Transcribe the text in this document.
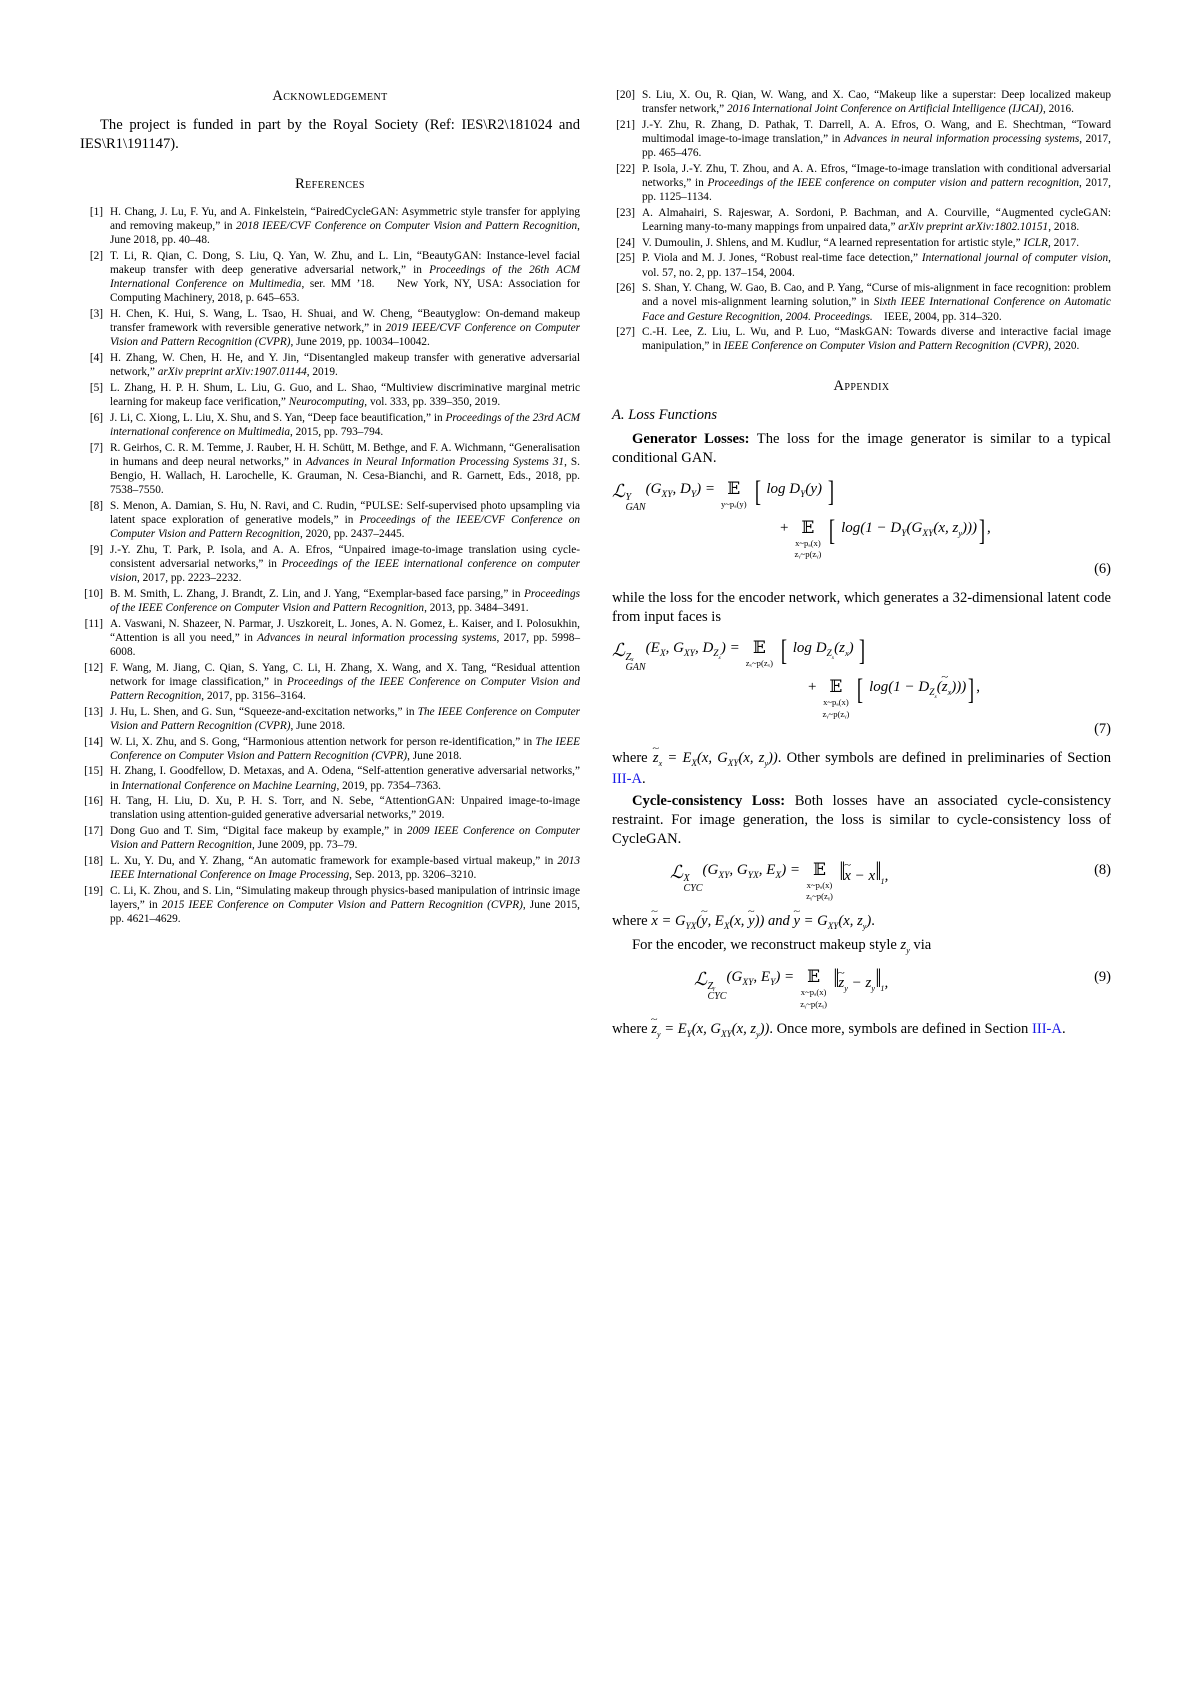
Acknowledgement

The project is funded in part by the Royal Society (Ref: IES\R2\181024 and IES\R1\191147).

References
[1] H. Chang, J. Lu, F. Yu, and A. Finkelstein, “PairedCycleGAN: Asymmetric style transfer for applying and removing makeup,” in 2018 IEEE/CVF Conference on Computer Vision and Pattern Recognition, June 2018, pp. 40–48.
[2] T. Li, R. Qian, C. Dong, S. Liu, Q. Yan, W. Zhu, and L. Lin, “BeautyGAN: Instance-level facial makeup transfer with deep generative adversarial network,” in Proceedings of the 26th ACM International Conference on Multimedia, ser. MM ’18.    New York, NY, USA: Association for Computing Machinery, 2018, p. 645–653.
[3] H. Chen, K. Hui, S. Wang, L. Tsao, H. Shuai, and W. Cheng, “Beautyglow: On-demand makeup transfer framework with reversible generative network,” in 2019 IEEE/CVF Conference on Computer Vision and Pattern Recognition (CVPR), June 2019, pp. 10034–10042.
[4] H. Zhang, W. Chen, H. He, and Y. Jin, “Disentangled makeup transfer with generative adversarial network,” arXiv preprint arXiv:1907.01144, 2019.
[5] L. Zhang, H. P. H. Shum, L. Liu, G. Guo, and L. Shao, “Multiview discriminative marginal metric learning for makeup face verification,” Neurocomputing, vol. 333, pp. 339–350, 2019.
[6] J. Li, C. Xiong, L. Liu, X. Shu, and S. Yan, “Deep face beautification,” in Proceedings of the 23rd ACM international conference on Multimedia, 2015, pp. 793–794.
[7] R. Geirhos, C. R. M. Temme, J. Rauber, H. H. Schütt, M. Bethge, and F. A. Wichmann, “Generalisation in humans and deep neural networks,” in Advances in Neural Information Processing Systems 31, S. Bengio, H. Wallach, H. Larochelle, K. Grauman, N. Cesa-Bianchi, and R. Garnett, Eds., 2018, pp. 7538–7550.
[8] S. Menon, A. Damian, S. Hu, N. Ravi, and C. Rudin, “PULSE: Self-supervised photo upsampling via latent space exploration of generative models,” in Proceedings of the IEEE/CVF Conference on Computer Vision and Pattern Recognition, 2020, pp. 2437–2445.
[9] J.-Y. Zhu, T. Park, P. Isola, and A. A. Efros, “Unpaired image-to-image translation using cycle-consistent adversarial networks,” in Proceedings of the IEEE international conference on computer vision, 2017, pp. 2223–2232.
[10] B. M. Smith, L. Zhang, J. Brandt, Z. Lin, and J. Yang, “Exemplar-based face parsing,” in Proceedings of the IEEE Conference on Computer Vision and Pattern Recognition, 2013, pp. 3484–3491.
[11] A. Vaswani, N. Shazeer, N. Parmar, J. Uszkoreit, L. Jones, A. N. Gomez, Ł. Kaiser, and I. Polosukhin, “Attention is all you need,” in Advances in neural information processing systems, 2017, pp. 5998–6008.
[12] F. Wang, M. Jiang, C. Qian, S. Yang, C. Li, H. Zhang, X. Wang, and X. Tang, “Residual attention network for image classification,” in Proceedings of the IEEE Conference on Computer Vision and Pattern Recognition, 2017, pp. 3156–3164.
[13] J. Hu, L. Shen, and G. Sun, “Squeeze-and-excitation networks,” in The IEEE Conference on Computer Vision and Pattern Recognition (CVPR), June 2018.
[14] W. Li, X. Zhu, and S. Gong, “Harmonious attention network for person re-identification,” in The IEEE Conference on Computer Vision and Pattern Recognition (CVPR), June 2018.
[15] H. Zhang, I. Goodfellow, D. Metaxas, and A. Odena, “Self-attention generative adversarial networks,” in International Conference on Machine Learning, 2019, pp. 7354–7363.
[16] H. Tang, H. Liu, D. Xu, P. H. S. Torr, and N. Sebe, “AttentionGAN: Unpaired image-to-image translation using attention-guided generative adversarial networks,” 2019.
[17] Dong Guo and T. Sim, “Digital face makeup by example,” in 2009 IEEE Conference on Computer Vision and Pattern Recognition, June 2009, pp. 73–79.
[18] L. Xu, Y. Du, and Y. Zhang, “An automatic framework for example-based virtual makeup,” in 2013 IEEE International Conference on Image Processing, Sep. 2013, pp. 3206–3210.
[19] C. Li, K. Zhou, and S. Lin, “Simulating makeup through physics-based manipulation of intrinsic image layers,” in 2015 IEEE Conference on Computer Vision and Pattern Recognition (CVPR), June 2015, pp. 4621–4629.
[20] S. Liu, X. Ou, R. Qian, W. Wang, and X. Cao, “Makeup like a superstar: Deep localized makeup transfer network,” 2016 International Joint Conference on Artificial Intelligence (IJCAI), 2016.
[21] J.-Y. Zhu, R. Zhang, D. Pathak, T. Darrell, A. A. Efros, O. Wang, and E. Shechtman, “Toward multimodal image-to-image translation,” in Advances in neural information processing systems, 2017, pp. 465–476.
[22] P. Isola, J.-Y. Zhu, T. Zhou, and A. A. Efros, “Image-to-image translation with conditional adversarial networks,” in Proceedings of the IEEE conference on computer vision and pattern recognition, 2017, pp. 1125–1134.
[23] A. Almahairi, S. Rajeswar, A. Sordoni, P. Bachman, and A. Courville, “Augmented cycleGAN: Learning many-to-many mappings from unpaired data,” arXiv preprint arXiv:1802.10151, 2018.
[24] V. Dumoulin, J. Shlens, and M. Kudlur, “A learned representation for artistic style,” ICLR, 2017.
[25] P. Viola and M. J. Jones, “Robust real-time face detection,” International journal of computer vision, vol. 57, no. 2, pp. 137–154, 2004.
[26] S. Shan, Y. Chang, W. Gao, B. Cao, and P. Yang, “Curse of mis-alignment in face recognition: problem and a novel mis-alignment learning solution,” in Sixth IEEE International Conference on Automatic Face and Gesture Recognition, 2004. Proceedings.    IEEE, 2004, pp. 314–320.
[27] C.-H. Lee, Z. Liu, L. Wu, and P. Luo, “MaskGAN: Towards diverse and interactive facial image manipulation,” in IEEE Conference on Computer Vision and Pattern Recognition (CVPR), 2020.
Appendix
A. Loss Functions

Generator Losses: The loss for the image generator is similar to a typical conditional GAN.

ℒ Y
GAN
($G_{XY}$, $D_Y$) = 𝔼
y~pₐ(y) [ $\log D_Y(y)$ ]
+ 𝔼
x~pₐ(x)
zᵧ~p(zᵧ)
[ $\log(1 - D_Y(G_{XY}(x$, $z_y$))) ] ,
(6)

while the loss for the encoder network, which generates a 32-dimensional latent code from input faces is

ℒ Zₓ
GAN
($E_X$, $G_{XY}$, $D_{Z_x}$) = 𝔼
zₓ~p(zₓ) [ $\log D_{Z_x}(z_x)$ ]
+ 𝔼
x~pₐ(x)
zᵧ~p(zᵧ)
[ $\log(1 - D_{Z_x}(z$ $\sim_x$))) ] ,
(7)

where z $\sim_x = E_X(x$, $G_{XY}(x$, $z_y$)). Other symbols are defined in preliminaries of Section III-A.

Cycle-consistency Loss: Both losses have an associated cycle-consistency restraint. For image generation, the loss is similar to cycle-consistency loss of CycleGAN.

ℒ X
CYC
($G_{XY}$, $G_{YX}$, $E_X$) = 𝔼
x~pₐ(x)
zᵧ~p(zᵧ)
‖x ~ − $x‖_1$,	(8)

where x ~ = $G_{YX}(y$ ~, $E_X(x$, y ~)) and y ~ = $G_{XY}(x$, $z_y$).

For the encoder, we reconstruct makeup style $z_y$ via

ℒ Zᵧ
CYC
($G_{XY}$, $E_Y$) = 𝔼
x~pₐ(x)
zᵧ~p(zᵧ)
‖z $\sim_y$ − $z_y‖_1$,	(9)

where z $\sim_y = E_Y(x$, $G_{XY}(x$, $z_y$)). Once more, symbols are defined in Section III-A.
